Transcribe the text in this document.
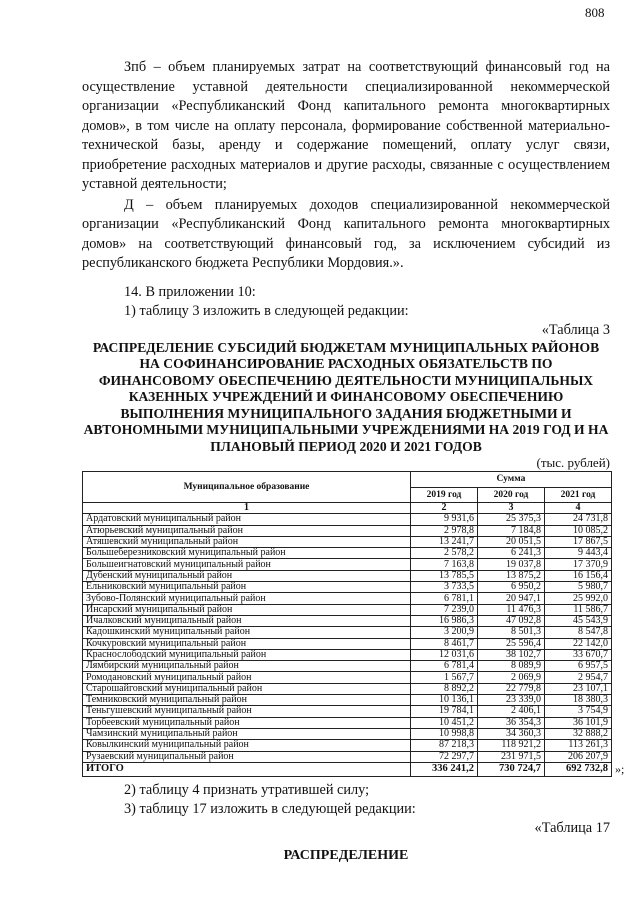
808

Зпб – объем планируемых затрат на соответствующий финансовый год на осуществление уставной деятельности специализированной некоммерческой организации «Республиканский Фонд капитального ремонта многоквартирных домов», в том числе на оплату персонала, формирование собственной материально-технической базы, аренду и содержание помещений, оплату услуг связи, приобретение расходных материалов и другие расходы, связанные с осуществлением уставной деятельности;

Д – объем планируемых доходов специализированной некоммерческой организации «Республиканский Фонд капитального ремонта многоквартирных домов» на соответствующий финансовый год, за исключением субсидий из республиканского бюджета Республики Мордовия.».

14. В приложении 10:
1) таблицу 3 изложить в следующей редакции:
«Таблица 3
РАСПРЕДЕЛЕНИЕ СУБСИДИЙ БЮДЖЕТАМ МУНИЦИПАЛЬНЫХ РАЙОНОВ НА СОФИНАНСИРОВАНИЕ РАСХОДНЫХ ОБЯЗАТЕЛЬСТВ ПО ФИНАНСОВОМУ ОБЕСПЕЧЕНИЮ ДЕЯТЕЛЬНОСТИ МУНИЦИПАЛЬНЫХ КАЗЕННЫХ УЧРЕЖДЕНИЙ И ФИНАНСОВОМУ ОБЕСПЕЧЕНИЮ ВЫПОЛНЕНИЯ МУНИЦИПАЛЬНОГО ЗАДАНИЯ БЮДЖЕТНЫМИ И АВТОНОМНЫМИ МУНИЦИПАЛЬНЫМИ УЧРЕЖДЕНИЯМИ НА 2019 ГОД И НА ПЛАНОВЫЙ ПЕРИОД 2020 И 2021 ГОДОВ
(тыс. рублей)
Муниципальное образование	Сумма		
	2019 год	2020 год	2021 год
1	2	3	4
Ардатовский муниципальный район	9 931,6	25 375,3	24 731,8
Атюрьевский муниципальный район	2 978,8	7 184,8	10 085,2
Атяшевский муниципальный район	13 241,7	20 051,5	17 867,5
Большеберезниковский муниципальный район	2 578,2	6 241,3	9 443,4
Большеигнатовский муниципальный район	7 163,8	19 037,8	17 370,9
Дубенский муниципальный район	13 785,5	13 875,2	16 156,4
Ельниковский муниципальный район	3 733,5	6 950,2	5 980,7
Зубово-Полянский муниципальный район	6 781,1	20 947,1	25 992,0
Инсарский муниципальный район	7 239,0	11 476,3	11 586,7
Ичалковский муниципальный район	16 986,3	47 092,8	45 543,9
Кадошкинский муниципальный район	3 200,9	8 501,3	8 547,8
Кочкуровский муниципальный район	8 461,7	25 596,4	22 142,0
Краснослободский муниципальный район	12 031,6	38 102,7	33 670,7
Лямбирский муниципальный район	6 781,4	8 089,9	6 957,5
Ромодановский муниципальный район	1 567,7	2 069,9	2 954,7
Старошайговский муниципальный район	8 892,2	22 779,8	23 107,1
Темниковский муниципальный район	10 136,1	23 339,0	18 380,3
Теньгушевский муниципальный район	19 784,1	2 406,1	3 754,9
Торбеевский муниципальный район	10 451,2	36 354,3	36 101,9
Чамзинский муниципальный район	10 998,8	34 360,3	32 888,2
Ковылкинский муниципальный район	87 218,3	118 921,2	113 261,3
Рузаевский муниципальный район	72 297,7	231 971,5	206 207,9
ИТОГО	336 241,2	730 724,7	692 732,8 »;
2) таблицу 4 признать утратившей силу;
3) таблицу 17 изложить в следующей редакции:
«Таблица 17
РАСПРЕДЕЛЕНИЕ
